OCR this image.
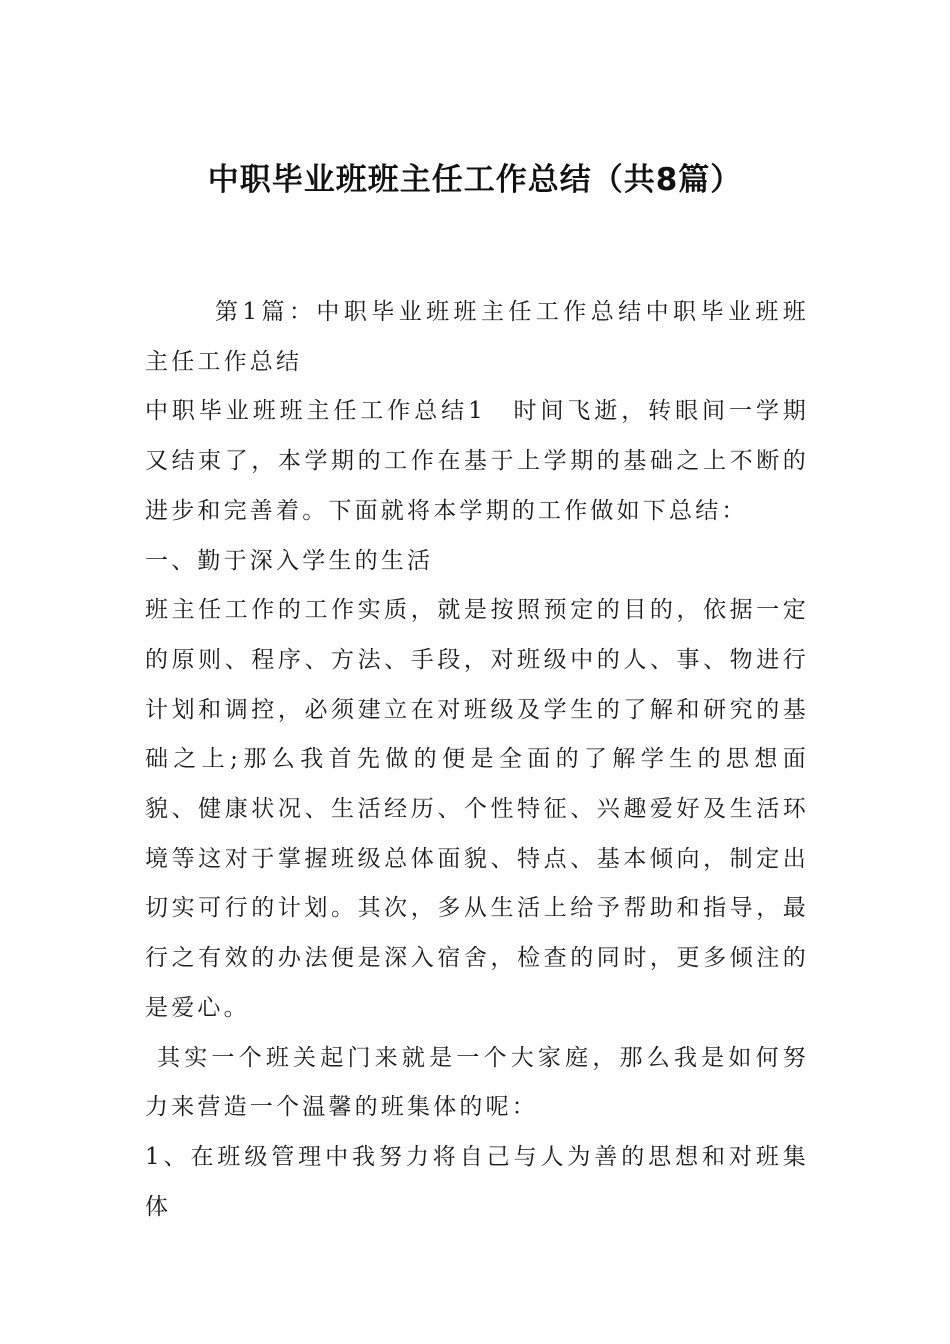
中职毕业班班主任工作总结（共8篇）

第1篇：中职毕业班班主任工作总结中职毕业班班主任工作总结

中职毕业班班主任工作总结1　时间飞逝，转眼间一学期又结束了，本学期的工作在基于上学期的基础之上不断的进步和完善着。下面就将本学期的工作做如下总结：

一、勤于深入学生的生活

班主任工作的工作实质，就是按照预定的目的，依据一定的原则、程序、方法、手段，对班级中的人、事、物进行计划和调控，必须建立在对班级及学生的了解和研究的基础之上;那么我首先做的便是全面的了解学生的思想面貌、健康状况、生活经历、个性特征、兴趣爱好及生活环境等这对于掌握班级总体面貌、特点、基本倾向，制定出切实可行的计划。其次，多从生活上给予帮助和指导，最行之有效的办法便是深入宿舍，检查的同时，更多倾注的是爱心。

其实一个班关起门来就是一个大家庭，那么我是如何努力来营造一个温馨的班集体的呢：

1、在班级管理中我努力将自己与人为善的思想和对班集体
